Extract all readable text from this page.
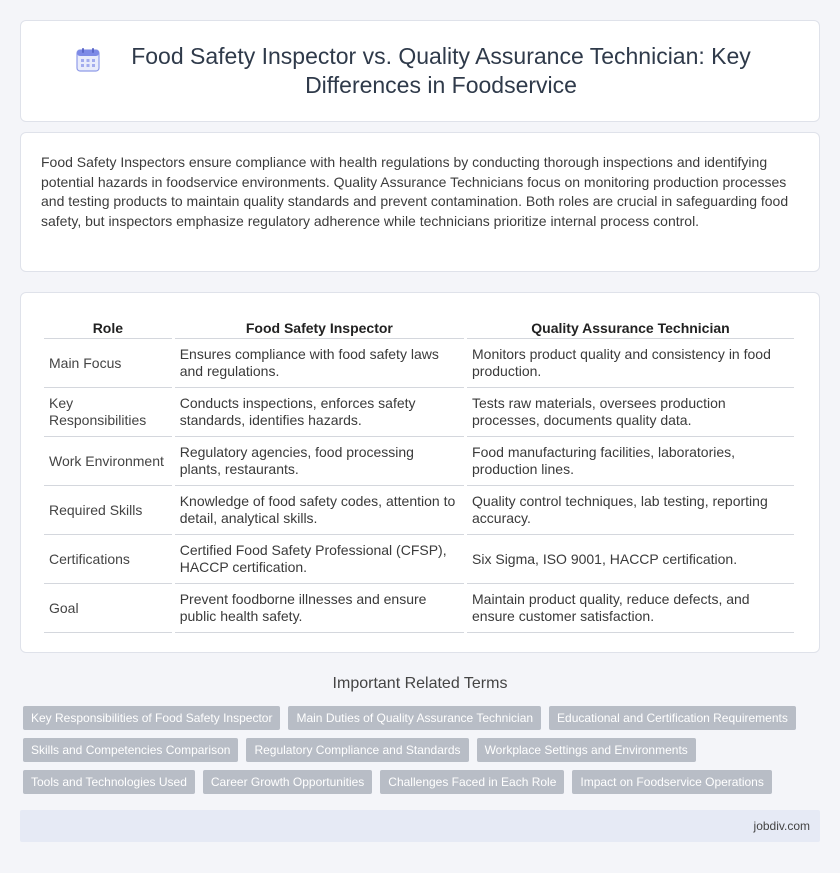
Food Safety Inspector vs. Quality Assurance Technician: Key Differences in Foodservice

Food Safety Inspectors ensure compliance with health regulations by conducting thorough inspections and identifying potential hazards in foodservice environments. Quality Assurance Technicians focus on monitoring production processes and testing products to maintain quality standards and prevent contamination. Both roles are crucial in safeguarding food safety, but inspectors emphasize regulatory adherence while technicians prioritize internal process control.

Role	Food Safety Inspector	Quality Assurance Technician
Main Focus	Ensures compliance with food safety laws and regulations.	Monitors product quality and consistency in food production.
Key Responsibilities	Conducts inspections, enforces safety standards, identifies hazards.	Tests raw materials, oversees production processes, documents quality data.
Work Environment	Regulatory agencies, food processing plants, restaurants.	Food manufacturing facilities, laboratories, production lines.
Required Skills	Knowledge of food safety codes, attention to detail, analytical skills.	Quality control techniques, lab testing, reporting accuracy.
Certifications	Certified Food Safety Professional (CFSP), HACCP certification.	Six Sigma, ISO 9001, HACCP certification.
Goal	Prevent foodborne illnesses and ensure public health safety.	Maintain product quality, reduce defects, and ensure customer satisfaction.
Important Related Terms
Key Responsibilities of Food Safety Inspector	Main Duties of Quality Assurance Technician	Educational and Certification Requirements
Skills and Competencies Comparison	Regulatory Compliance and Standards	Workplace Settings and Environments
Tools and Technologies Used	Career Growth Opportunities	Challenges Faced in Each Role	Impact on Foodservice Operations
jobdiv.com
